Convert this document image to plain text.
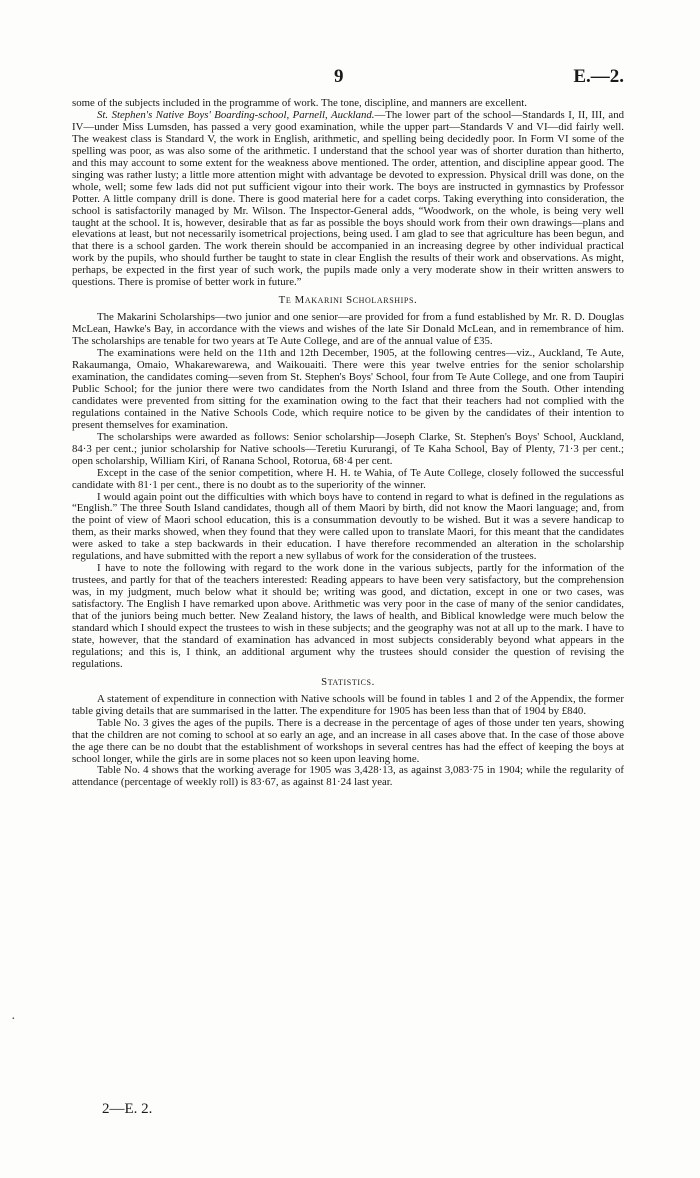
9	E.—2.

some of the subjects included in the programme of work. The tone, discipline, and manners are excellent.

St. Stephen's Native Boys' Boarding-school, Parnell, Auckland.—The lower part of the school—Standards I, II, III, and IV—under Miss Lumsden, has passed a very good examination, while the upper part—Standards V and VI—did fairly well. The weakest class is Standard V, the work in English, arithmetic, and spelling being decidedly poor. In Form VI some of the spelling was poor, as was also some of the arithmetic. I understand that the school year was of shorter duration than hitherto, and this may account to some extent for the weakness above mentioned. The order, attention, and discipline appear good. The singing was rather lusty; a little more attention might with advantage be devoted to expression. Physical drill was done, on the whole, well; some few lads did not put sufficient vigour into their work. The boys are instructed in gymnastics by Professor Potter. A little company drill is done. There is good material here for a cadet corps. Taking everything into consideration, the school is satisfactorily managed by Mr. Wilson. The Inspector-General adds, “Woodwork, on the whole, is being very well taught at the school. It is, however, desirable that as far as possible the boys should work from their own drawings—plans and elevations at least, but not necessarily isometrical projections, being used. I am glad to see that agriculture has been begun, and that there is a school garden. The work therein should be accompanied in an increasing degree by other individual practical work by the pupils, who should further be taught to state in clear English the results of their work and observations. As might, perhaps, be expected in the first year of such work, the pupils made only a very moderate show in their written answers to questions. There is promise of better work in future.”

Te Makarini Scholarships.

The Makarini Scholarships—two junior and one senior—are provided for from a fund established by Mr. R. D. Douglas McLean, Hawke's Bay, in accordance with the views and wishes of the late Sir Donald McLean, and in remembrance of him. The scholarships are tenable for two years at Te Aute College, and are of the annual value of £35.

The examinations were held on the 11th and 12th December, 1905, at the following centres—viz., Auckland, Te Aute, Rakaumanga, Omaio, Whakarewarewa, and Waikouaiti. There were this year twelve entries for the senior scholarship examination, the candidates coming—seven from St. Stephen's Boys' School, four from Te Aute College, and one from Taupiri Public School; for the junior there were two candidates from the North Island and three from the South. Other intending candidates were prevented from sitting for the examination owing to the fact that their teachers had not complied with the regulations contained in the Native Schools Code, which require notice to be given by the candidates of their intention to present themselves for examination.

The scholarships were awarded as follows: Senior scholarship—Joseph Clarke, St. Stephen's Boys' School, Auckland, 84·3 per cent.; junior scholarship for Native schools—Teretiu Kururangi, of Te Kaha School, Bay of Plenty, 71·3 per cent.; open scholarship, William Kiri, of Ranana School, Rotorua, 68·4 per cent.

Except in the case of the senior competition, where H. H. te Wahia, of Te Aute College, closely followed the successful candidate with 81·1 per cent., there is no doubt as to the superiority of the winner.

I would again point out the difficulties with which boys have to contend in regard to what is defined in the regulations as “English.” The three South Island candidates, though all of them Maori by birth, did not know the Maori language; and, from the point of view of Maori school education, this is a consummation devoutly to be wished. But it was a severe handicap to them, as their marks showed, when they found that they were called upon to translate Maori, for this meant that the candidates were asked to take a step backwards in their education. I have therefore recommended an alteration in the scholarship regulations, and have submitted with the report a new syllabus of work for the consideration of the trustees.

I have to note the following with regard to the work done in the various subjects, partly for the information of the trustees, and partly for that of the teachers interested: Reading appears to have been very satisfactory, but the comprehension was, in my judgment, much below what it should be; writing was good, and dictation, except in one or two cases, was satisfactory. The English I have remarked upon above. Arithmetic was very poor in the case of many of the senior candidates, that of the juniors being much better. New Zealand history, the laws of health, and Biblical knowledge were much below the standard which I should expect the trustees to wish in these subjects; and the geography was not at all up to the mark. I have to state, however, that the standard of examination has advanced in most subjects considerably beyond what appears in the regulations; and this is, I think, an additional argument why the trustees should consider the question of revising the regulations.

Statistics.

A statement of expenditure in connection with Native schools will be found in tables 1 and 2 of the Appendix, the former table giving details that are summarised in the latter. The expenditure for 1905 has been less than that of 1904 by £840.

Table No. 3 gives the ages of the pupils. There is a decrease in the percentage of ages of those under ten years, showing that the children are not coming to school at so early an age, and an increase in all cases above that. In the case of those above the age there can be no doubt that the establishment of workshops in several centres has had the effect of keeping the boys at school longer, while the girls are in some places not so keen upon leaving home.

Table No. 4 shows that the working average for 1905 was 3,428·13, as against 3,083·75 in 1904; while the regularity of attendance (percentage of weekly roll) is 83·67, as against 81·24 last year.

·
2—E. 2.
